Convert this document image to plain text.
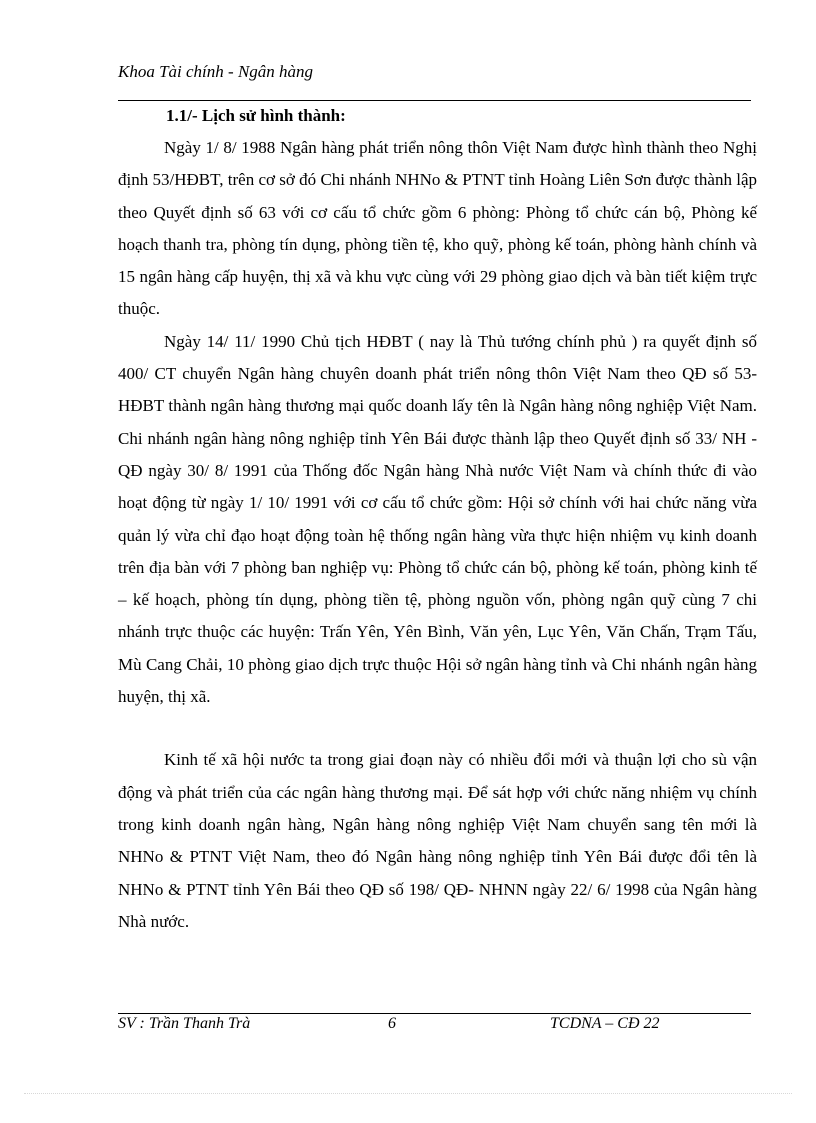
Khoa Tài chính - Ngân hàng
1.1/- Lịch sử hình thành:

Ngày 1/ 8/ 1988 Ngân hàng phát triển nông thôn Việt Nam được hình thành theo Nghị định 53/HĐBT, trên cơ sở đó Chi nhánh NHNo & PTNT tỉnh Hoàng Liên Sơn được thành lập theo Quyết định số 63 với cơ cấu tổ chức gồm 6 phòng: Phòng tổ chức cán bộ, Phòng kế hoạch thanh tra, phòng tín dụng, phòng tiền tệ, kho quỹ, phòng kế toán, phòng hành chính và 15 ngân hàng cấp huyện, thị xã và khu vực cùng với 29 phòng giao dịch và bàn tiết kiệm trực thuộc.

Ngày 14/ 11/ 1990 Chủ tịch HĐBT ( nay là Thủ tướng chính phủ ) ra quyết định số 400/ CT chuyển Ngân hàng chuyên doanh phát triển nông thôn Việt Nam theo QĐ số 53-HĐBT thành ngân hàng thương mại quốc doanh lấy tên là Ngân hàng nông nghiệp Việt Nam. Chi nhánh ngân hàng nông nghiệp tỉnh Yên Bái được thành lập theo Quyết định số 33/ NH - QĐ ngày 30/ 8/ 1991 của Thống đốc Ngân hàng Nhà nước Việt Nam và chính thức đi vào hoạt động từ ngày 1/ 10/ 1991 với cơ cấu tổ chức gồm: Hội sở chính với hai chức năng vừa quản lý vừa chỉ đạo hoạt động toàn hệ thống ngân hàng vừa thực hiện nhiệm vụ kinh doanh trên địa bàn với 7 phòng ban nghiệp vụ: Phòng tổ chức cán bộ, phòng kế toán, phòng kinh tế – kế hoạch, phòng tín dụng, phòng tiền tệ, phòng nguồn vốn, phòng ngân quỹ cùng 7 chi nhánh trực thuộc các huyện: Trấn Yên, Yên Bình, Văn yên, Lục Yên, Văn Chấn, Trạm Tấu, Mù Cang Chải, 10 phòng giao dịch trực thuộc Hội sở ngân hàng tỉnh và Chi nhánh ngân hàng huyện, thị xã.

Kinh tế xã hội nước ta trong giai đoạn này có nhiều đổi mới và thuận lợi cho sù vận động và phát triển của các ngân hàng thương mại. Để sát hợp với chức năng nhiệm vụ chính trong kinh doanh ngân hàng, Ngân hàng nông nghiệp Việt Nam chuyển sang tên mới là NHNo & PTNT Việt Nam, theo đó Ngân hàng nông nghiệp tỉnh Yên Bái được đổi tên là NHNo & PTNT tỉnh Yên Bái theo QĐ số 198/ QĐ- NHNN ngày 22/ 6/ 1998 của Ngân hàng Nhà nước.

SV : Trần Thanh Trà	6	TCDNA – CĐ 22
